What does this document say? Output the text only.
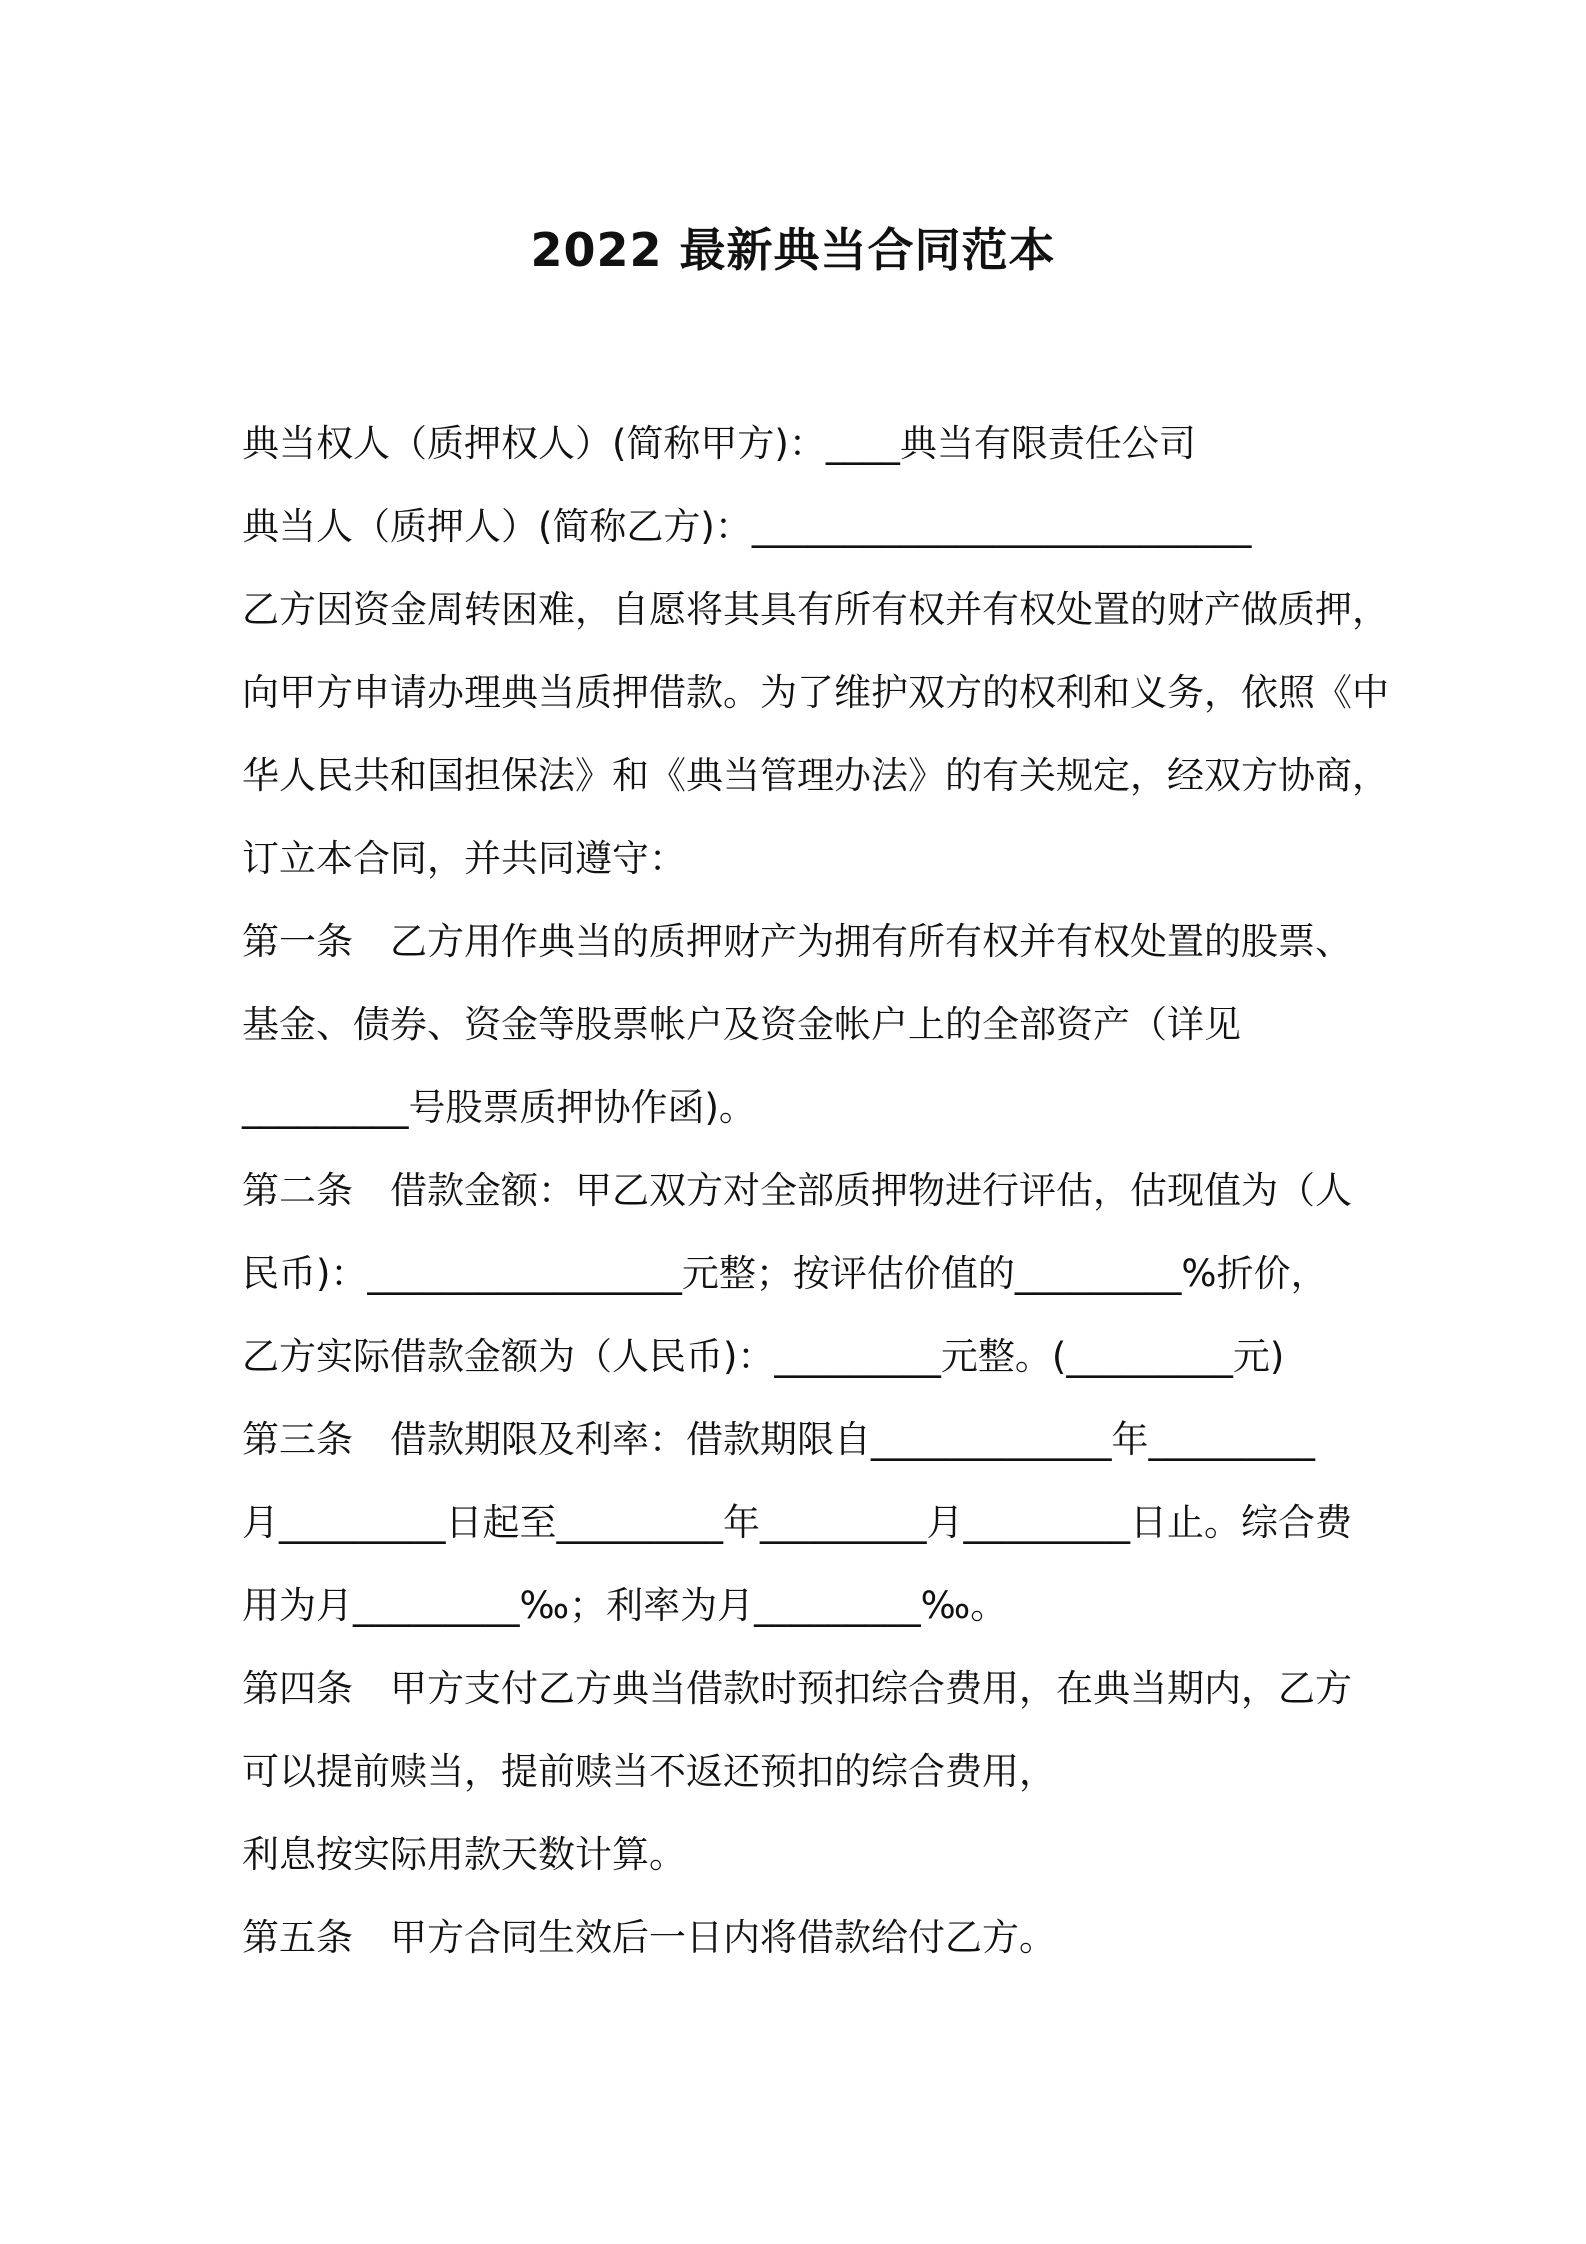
2022 最新典当合同范本
典当权人（质押权人）(简称甲方)：____典当有限责任公司
典当人（质押人）(简称乙方)：___________________________
乙方因资金周转困难，自愿将其具有所有权并有权处置的财产做质押，
向甲方申请办理典当质押借款。为了维护双方的权利和义务，依照《中
华人民共和国担保法》和《典当管理办法》的有关规定，经双方协商，
订立本合同，并共同遵守：
第一条　乙方用作典当的质押财产为拥有所有权并有权处置的股票、
基金、债券、资金等股票帐户及资金帐户上的全部资产（详见
_________号股票质押协作函)。
第二条　借款金额：甲乙双方对全部质押物进行评估，估现值为（人
民币)：_________________元整；按评估价值的_________%折价，
乙方实际借款金额为（人民币)：_________元整。(_________元)
第三条　借款期限及利率：借款期限自_____________年_________
月_________日起至_________年_________月_________日止。综合费
用为月_________‰；利率为月_________‰。
第四条　甲方支付乙方典当借款时预扣综合费用，在典当期内，乙方
可以提前赎当，提前赎当不返还预扣的综合费用，
利息按实际用款天数计算。
第五条　甲方合同生效后一日内将借款给付乙方。
